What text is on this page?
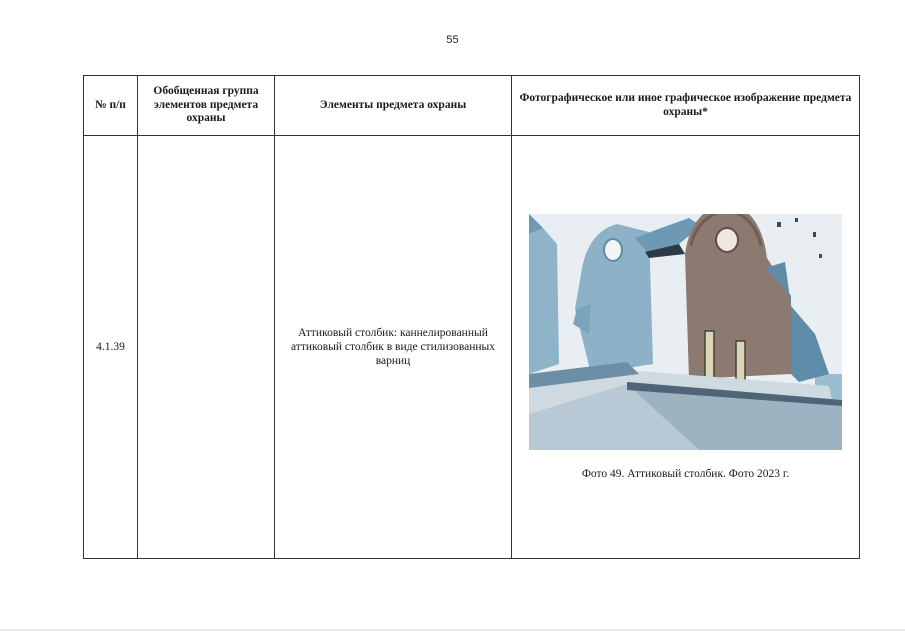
55
№ п/п	Обобщенная группа элементов предмета охраны	Элементы предмета охраны	Фотографическое или иное графическое изображение предмета охраны*
4.1.39		Аттиковый столбик: каннелированный аттиковый столбик в виде стилизованных варниц	Фото 49. Аттиковый столбик. Фото 2023 г.
